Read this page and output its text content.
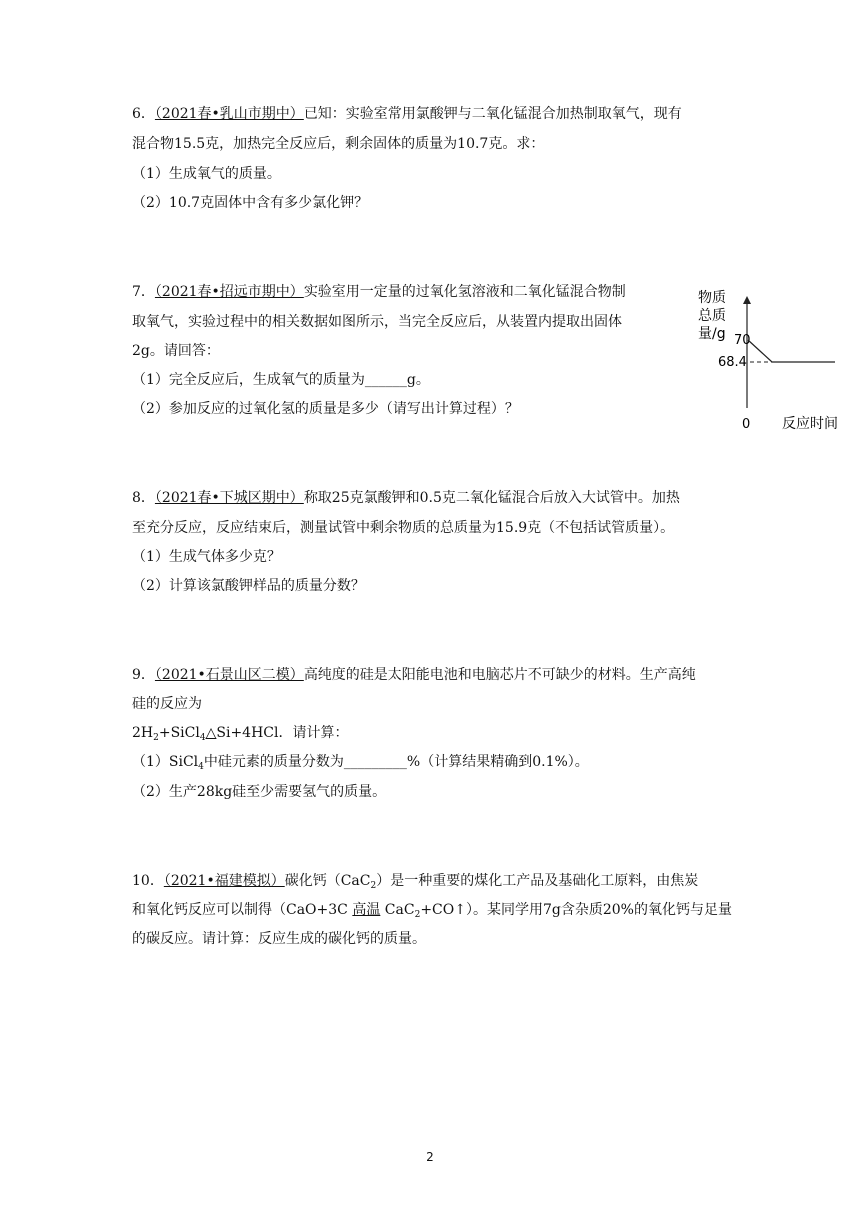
6．（2021春•乳山市期中）已知：实验室常用氯酸钾与二氧化锰混合加热制取氧气，现有
混合物15.5克，加热完全反应后，剩余固体的质量为10.7克。求：
（1）生成氧气的质量。
（2）10.7克固体中含有多少氯化钾？
7．（2021春•招远市期中）实验室用一定量的过氧化氢溶液和二氧化锰混合物制
取氧气，实验过程中的相关数据如图所示，当完全反应后，从装置内提取出固体
2g。请回答：
（1）完全反应后，生成氧气的质量为______g。
（2）参加反应的过氧化氢的质量是多少（请写出计算过程）？
物质
总质
量/g 70
68.4
0 反应时间
8．（2021春•下城区期中）称取25克氯酸钾和0.5克二氧化锰混合后放入大试管中。加热
至充分反应，反应结束后，测量试管中剩余物质的总质量为15.9克（不包括试管质量）。
（1）生成气体多少克？
（2）计算该氯酸钾样品的质量分数？
9．（2021•石景山区二模）高纯度的硅是太阳能电池和电脑芯片不可缺少的材料。生产高纯
硅的反应为
$2H_2+SiCl_4\triangle Si+4HCl$．请计算：
（1）SiCl$_4$中硅元素的质量分数为_________%（计算结果精确到0.1%）。
（2）生产28kg硅至少需要氢气的质量。
10．（2021•福建模拟）碳化钙（CaC$_2$）是一种重要的煤化工产品及基础化工原料，由焦炭
和氧化钙反应可以制得（CaO+3C 高温 CaC$_2$+CO↑）。某同学用7g含杂质20%的氧化钙与足量
的碳反应。请计算：反应生成的碳化钙的质量。
2
